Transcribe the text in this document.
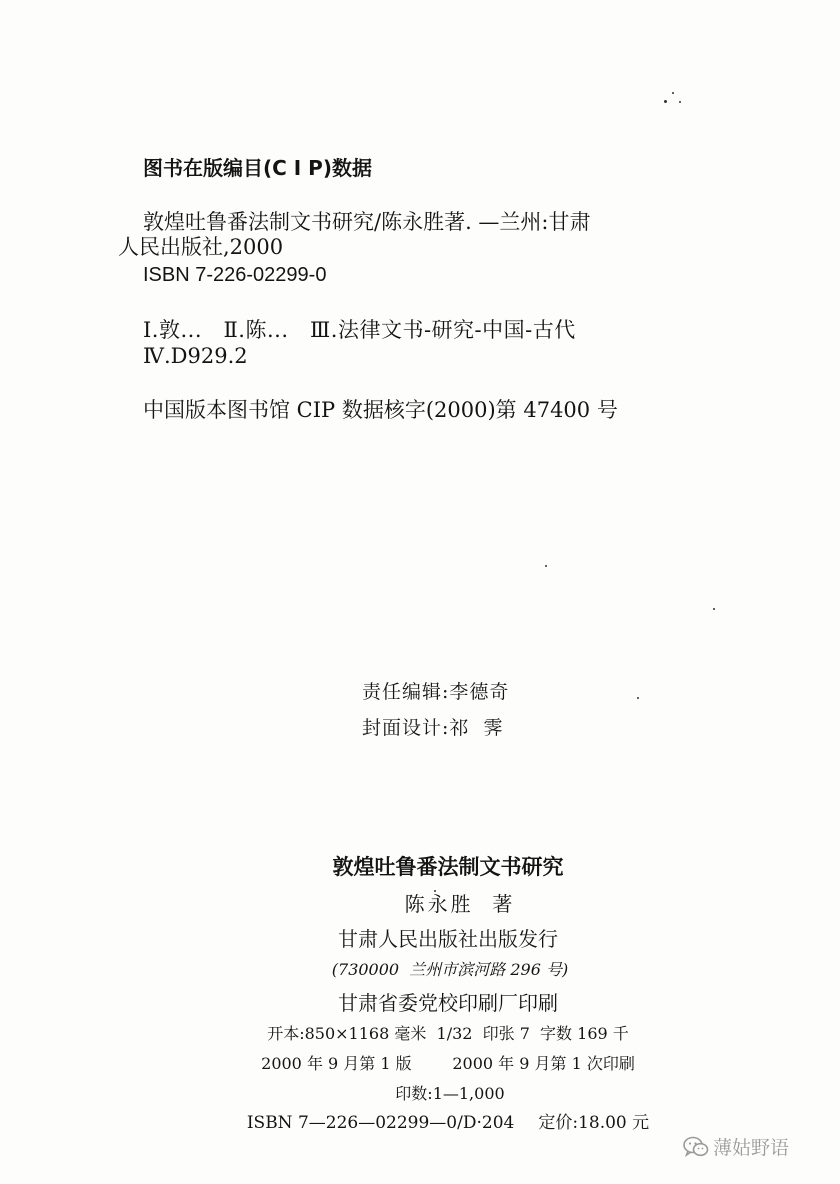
图书在版编目(C I P)数据
敦煌吐鲁番法制文书研究/陈永胜著. —兰州:甘肃
人民出版社,2000
ISBN 7-226-02299-0
Ⅰ.敦...   Ⅱ.陈...   Ⅲ.法律文书-研究-中国-古代
Ⅳ.D929.2
中国版本图书馆 CIP 数据核字(2000)第 47400 号
责任编辑:李德奇
封面设计:祁  霁
敦煌吐鲁番法制文书研究
陈永胜  著
甘肃人民出版社出版发行
(730000  兰州市滨河路 296 号)
甘肃省委党校印刷厂印刷
开本:850×1168 毫米  1/32  印张 7  字数 169 千
2000 年 9 月第 1 版        2000 年 9 月第 1 次印刷
印数:1—1,000
ISBN 7—226—02299—0/D·204 定价:18.00 元
薄姑野语
